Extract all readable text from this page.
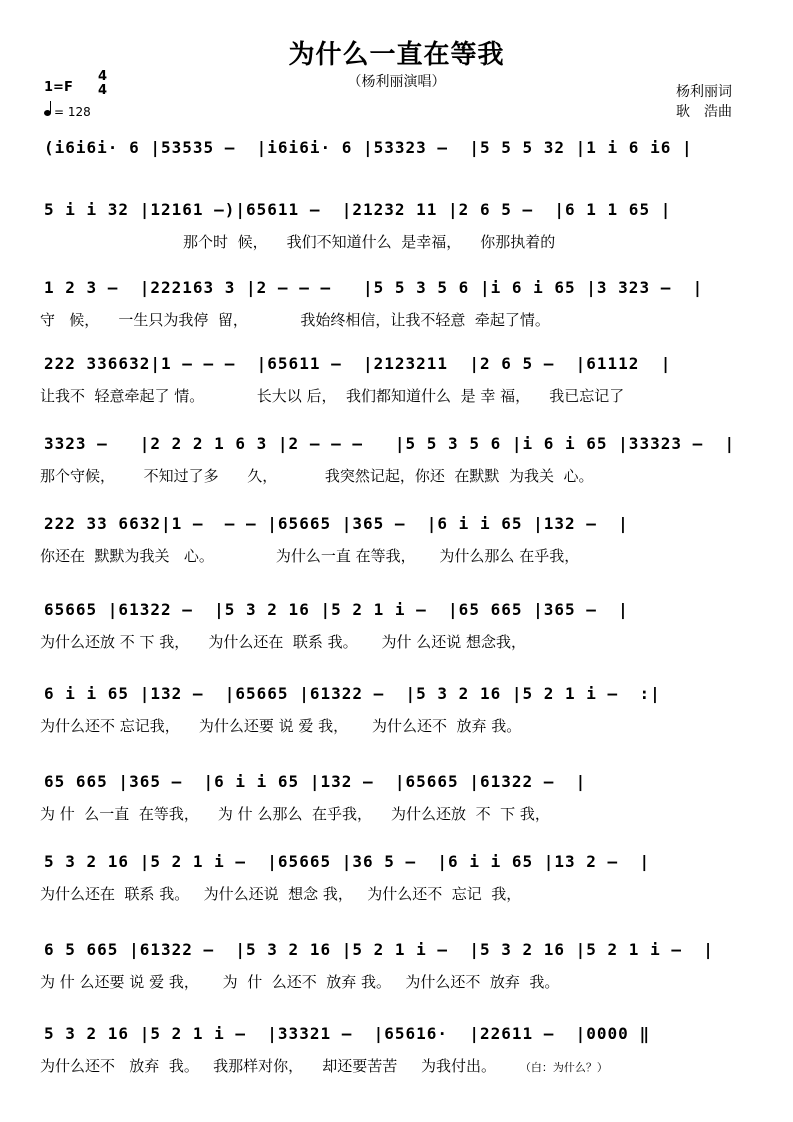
为什么一直在等我
（杨利丽演唱）
1=F
4
4
= 128
杨利丽词
耿　浩曲
(i6i6i· 6 |53535 –  |i6i6i· 6 |53323 –  |5 5 5 32 |1 i 6 i6 |
5 i i 32 |12161 –)|65611 –  |21232 11 |2 6 5 –  |6 1 1 65 |
那个时  候，    我们不知道什么  是幸福，    你那执着的
1 2 3 –  |222163 3 |2 – – –   |5 5 3 5 6 |i 6 i 65 |3 323 –  |
守   候，    一生只为我停  留，           我始终相信，让我不轻意  牵起了情。
222 336632|1 – – –  |65611 –  |2123211  |2 6 5 –  |61112  |
让我不  轻意牵起了 情。           长大以 后，  我们都知道什么  是 幸 福，    我已忘记了
3323 –   |2 2 2 1 6 3 |2 – – –   |5 5 3 5 6 |i 6 i 65 |33323 –  |
那个守候，      不知过了多      久，          我突然记起，你还  在默默  为我关  心。
222 33 6632|1 –  – – |65665 |365 –  |6 i i 65 |132 –  |
你还在  默默为我关   心。             为什么一直 在等我，     为什么那么 在乎我，
65665 |61322 –  |5 3 2 16 |5 2 1 i –  |65 665 |365 –  |
为什么还放 不 下 我，    为什么还在  联系 我。     为什 么还说 想念我，
6 i i 65 |132 –  |65665 |61322 –  |5 3 2 16 |5 2 1 i –  :|
为什么还不 忘记我，    为什么还要 说 爱 我，     为什么还不  放弃 我。
65 665 |365 –  |6 i i 65 |132 –  |65665 |61322 –  |
为 什  么一直  在等我，    为 什 么那么  在乎我，    为什么还放  不  下 我，
5 3 2 16 |5 2 1 i –  |65665 |36 5 –  |6 i i 65 |13 2 –  |
为什么还在  联系 我。   为什么还说  想念 我，   为什么还不  忘记  我，
6 5 665 |61322 –  |5 3 2 16 |5 2 1 i –  |5 3 2 16 |5 2 1 i –  |
为 什 么还要 说 爱 我，     为  什  么还不  放弃 我。   为什么还不  放弃  我。
5 3 2 16 |5 2 1 i –  |33321 –  |65616·  |22611 –  |0000 ‖
为什么还不   放弃  我。   我那样对你，    却还要苦苦     为我付出。 （白：为什么？）
